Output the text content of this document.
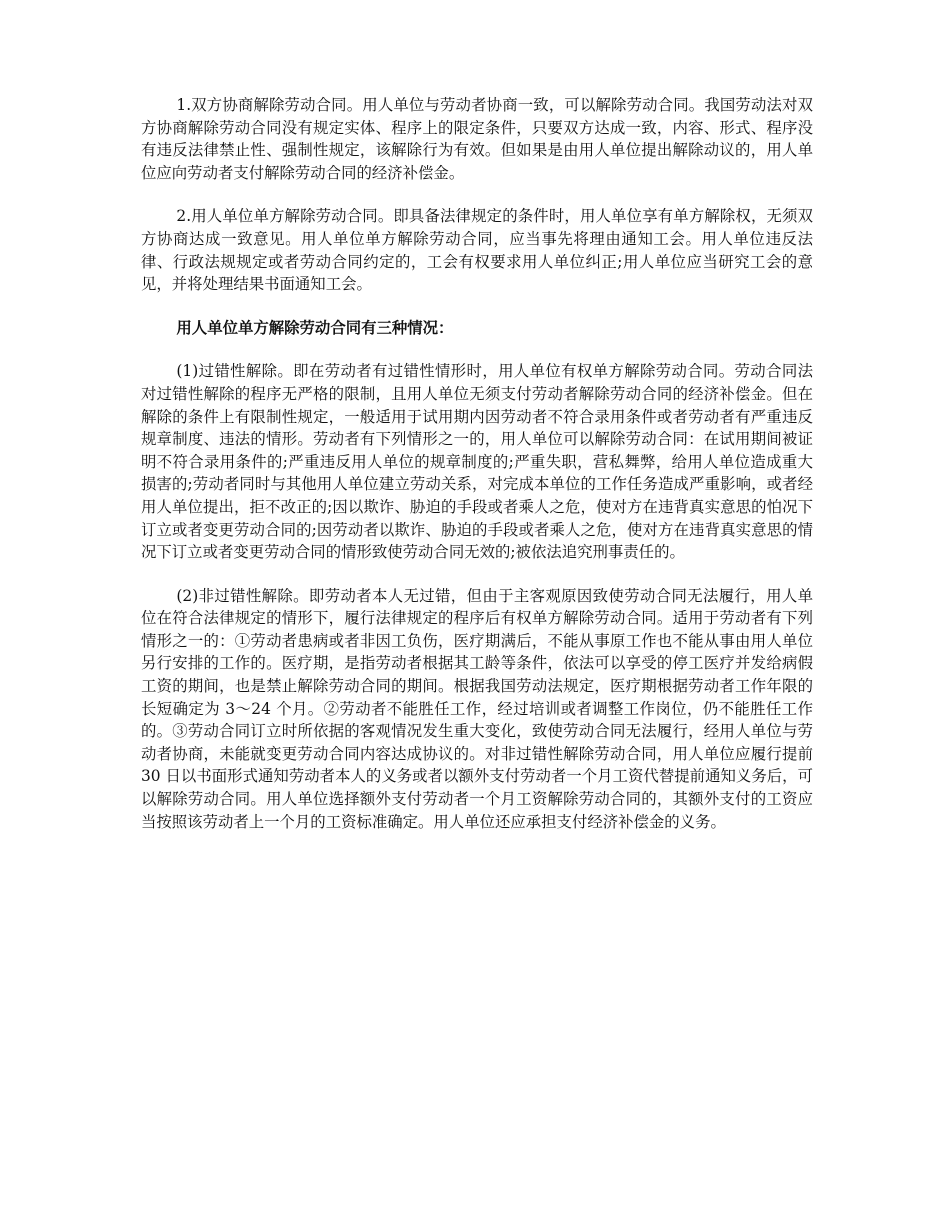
1.双方协商解除劳动合同。用人单位与劳动者协商一致，可以解除劳动合同。我国劳动法对双方协商解除劳动合同没有规定实体、程序上的限定条件，只要双方达成一致，内容、形式、程序没有违反法律禁止性、强制性规定，该解除行为有效。但如果是由用人单位提出解除动议的，用人单位应向劳动者支付解除劳动合同的经济补偿金。

2.用人单位单方解除劳动合同。即具备法律规定的条件时，用人单位享有单方解除权，无须双方协商达成一致意见。用人单位单方解除劳动合同，应当事先将理由通知工会。用人单位违反法律、行政法规规定或者劳动合同约定的，工会有权要求用人单位纠正;用人单位应当研究工会的意见，并将处理结果书面通知工会。

用人单位单方解除劳动合同有三种情况：

(1)过错性解除。即在劳动者有过错性情形时，用人单位有权单方解除劳动合同。劳动合同法对过错性解除的程序无严格的限制，且用人单位无须支付劳动者解除劳动合同的经济补偿金。但在解除的条件上有限制性规定，一般适用于试用期内因劳动者不符合录用条件或者劳动者有严重违反规章制度、违法的情形。劳动者有下列情形之一的，用人单位可以解除劳动合同：在试用期间被证明不符合录用条件的;严重违反用人单位的规章制度的;严重失职，营私舞弊，给用人单位造成重大损害的;劳动者同时与其他用人单位建立劳动关系，对完成本单位的工作任务造成严重影响，或者经用人单位提出，拒不改正的;因以欺诈、胁迫的手段或者乘人之危，使对方在违背真实意思的怕况下订立或者变更劳动合同的;因劳动者以欺诈、胁迫的手段或者乘人之危，使对方在违背真实意思的情况下订立或者变更劳动合同的情形致使劳动合同无效的;被依法追究刑事责任的。

(2)非过错性解除。即劳动者本人无过错，但由于主客观原因致使劳动合同无法履行，用人单位在符合法律规定的情形下，履行法律规定的程序后有权单方解除劳动合同。适用于劳动者有下列情形之一的：①劳动者患病或者非因工负伤，医疗期满后，不能从事原工作也不能从事由用人单位另行安排的工作的。医疗期，是指劳动者根据其工龄等条件，依法可以享受的停工医疗并发给病假工资的期间，也是禁止解除劳动合同的期间。根据我国劳动法规定，医疗期根据劳动者工作年限的长短确定为 3～24 个月。②劳动者不能胜任工作，经过培训或者调整工作岗位，仍不能胜任工作的。③劳动合同订立时所依据的客观情况发生重大变化，致使劳动合同无法履行，经用人单位与劳动者协商，未能就变更劳动合同内容达成协议的。对非过错性解除劳动合同，用人单位应履行提前 30 日以书面形式通知劳动者本人的义务或者以额外支付劳动者一个月工资代替提前通知义务后，可以解除劳动合同。用人单位选择额外支付劳动者一个月工资解除劳动合同的，其额外支付的工资应当按照该劳动者上一个月的工资标准确定。用人单位还应承担支付经济补偿金的义务。
